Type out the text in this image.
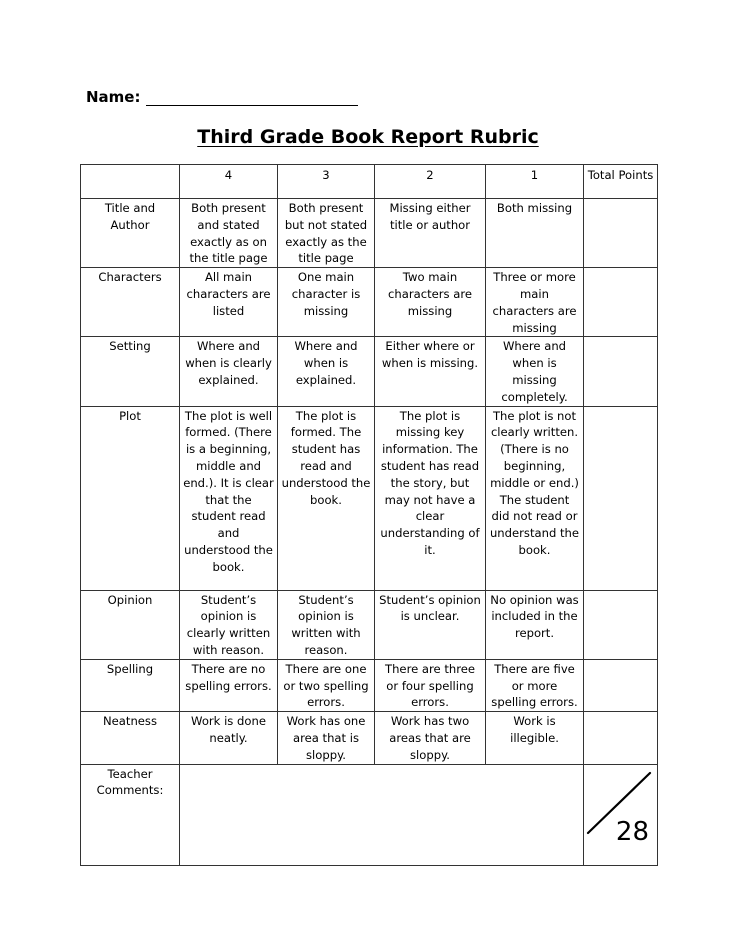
Name:
Third Grade Book Report Rubric
	4	3	2	1	Total Points
Title and Author	Both present and stated exactly as on the title page	Both present but not stated exactly as the title page	Missing either title or author	Both missing	
Characters	All main characters are listed	One main character is missing	Two main characters are missing	Three or more main characters are missing	
Setting	Where and when is clearly explained.	Where and when is explained.	Either where or when is missing.	Where and when is missing completely.	
Plot	The plot is well formed. (There is a beginning, middle and end.). It is clear that the student read and understood the book.	The plot is formed. The student has read and understood the book.	The plot is missing key information. The student has read the story, but may not have a clear understanding of it.	The plot is not clearly written. (There is no beginning, middle or end.) The student did not read or understand the book.	
Opinion	Student’s opinion is clearly written with reason.	Student’s opinion is written with reason.	Student’s opinion is unclear.	No opinion was included in the report.	
Spelling	There are no spelling errors.	There are one or two spelling errors.	There are three or four spelling errors.	There are five or more spelling errors.	
Neatness	Work is done neatly.	Work has one area that is sloppy.	Work has two areas that are sloppy.	Work is illegible.	
Teacher Comments:					28
